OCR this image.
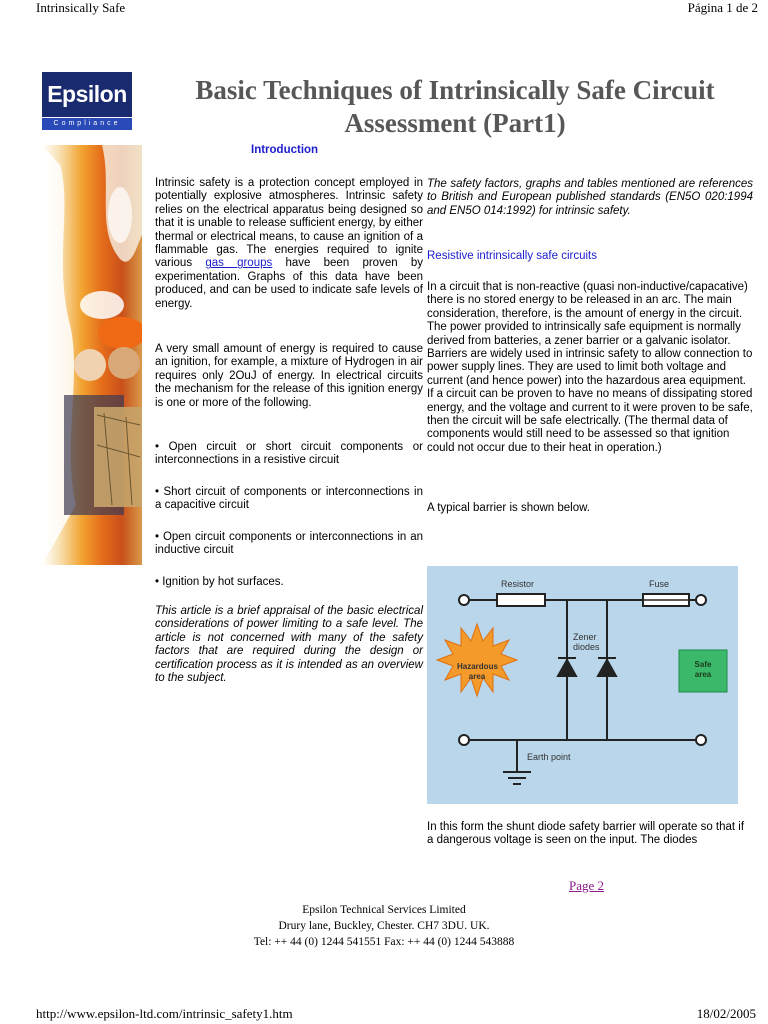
Intrinsically Safe	Página 1 de 2
Epsilon
Compliance
Basic Techniques of Intrinsically Safe Circuit Assessment (Part1)
Introduction
Intrinsic safety is a protection concept employed in potentially explosive atmospheres. Intrinsic safety relies on the electrical apparatus being designed so that it is unable to release sufficient energy, by either thermal or electrical means, to cause an ignition of a flammable gas. The energies required to ignite various gas groups have been proven by experimentation. Graphs of this data have been produced, and can be used to indicate safe levels of energy.
A very small amount of energy is required to cause an ignition, for example, a mixture of Hydrogen in air requires only 2OuJ of energy. In electrical circuits the mechanism for the release of this ignition energy is one or more of the following.
• Open circuit or short circuit components or interconnections in a resistive circuit
• Short circuit of components or interconnections in a capacitive circuit
• Open circuit components or interconnections in an inductive circuit
• Ignition by hot surfaces.
This article is a brief appraisal of the basic electrical considerations of power limiting to a safe level. The article is not concerned with many of the safety factors that are required during the design or certification process as it is intended as an overview to the subject.
The safety factors, graphs and tables mentioned are references to British and European published standards (EN5O 020:1994 and EN5O 014:1992) for intrinsic safety.
Resistive intrinsically safe circuits
In a circuit that is non-reactive (quasi non-inductive/capacative) there is no stored energy to be released in an arc. The main consideration, therefore, is the amount of energy in the circuit. The power provided to intrinsically safe equipment is normally derived from batteries, a zener barrier or a galvanic isolator. Barriers are widely used in intrinsic safety to allow connection to power supply lines. They are used to limit both voltage and current (and hence power) into the hazardous area equipment. If a circuit can be proven to have no means of dissipating stored energy, and the voltage and current to it were proven to be safe, then the circuit will be safe electrically. (The thermal data of components would still need to be assessed so that ignition could not occur due to their heat in operation.)
A typical barrier is shown below.
Resistor	Fuse
Zener
diodes
Hazardous
area
Safe
area
Earth point
In this form the shunt diode safety barrier will operate so that if a dangerous voltage is seen on the input. The diodes
Page 2
Epsilon Technical Services Limited
Drury lane, Buckley, Chester. CH7 3DU. UK.
Tel: ++ 44 (0) 1244 541551 Fax: ++ 44 (0) 1244 543888
http://www.epsilon-ltd.com/intrinsic_safety1.htm	18/02/2005
